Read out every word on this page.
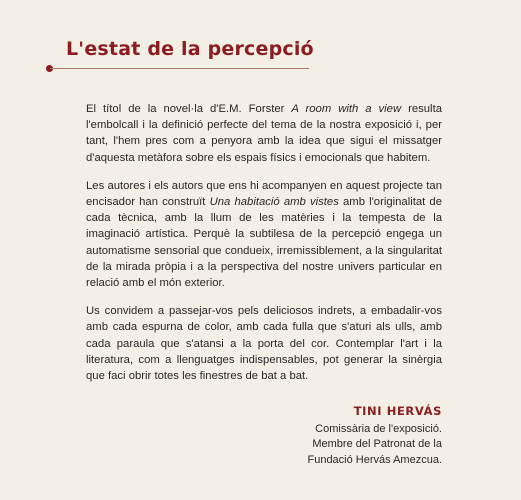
L'estat de la percepció

El títol de la novel·la d'E.M. Forster A room with a view resulta l'embolcall i la definició perfecte del tema de la nostra exposició i, per tant, l'hem pres com a penyora amb la idea que sigui el missatger d'aquesta metàfora sobre els espais físics i emocionals que habitem.

Les autores i els autors que ens hi acompanyen en aquest projecte tan encisador han construït Una habitació amb vistes amb l'originalitat de cada tècnica, amb la llum de les matèries i la tempesta de la imaginació artística. Perquè la subtilesa de la percepció engega un automatisme sensorial que condueix, irremissiblement, a la singularitat de la mirada pròpia i a la perspectiva del nostre univers particular en relació amb el món exterior.

Us convidem a passejar-vos pels deliciosos indrets, a embadalir-vos amb cada espurna de color, amb cada fulla que s'aturi als ulls, amb cada paraula que s'atansi a la porta del cor. Contemplar l'art i la literatura, com a llenguatges indispensables, pot generar la sinèrgia que faci obrir totes les finestres de bat a bat.

TINI HERVÁS
Comissària de l'exposició.
Membre del Patronat de la
Fundació Hervás Amezcua.
